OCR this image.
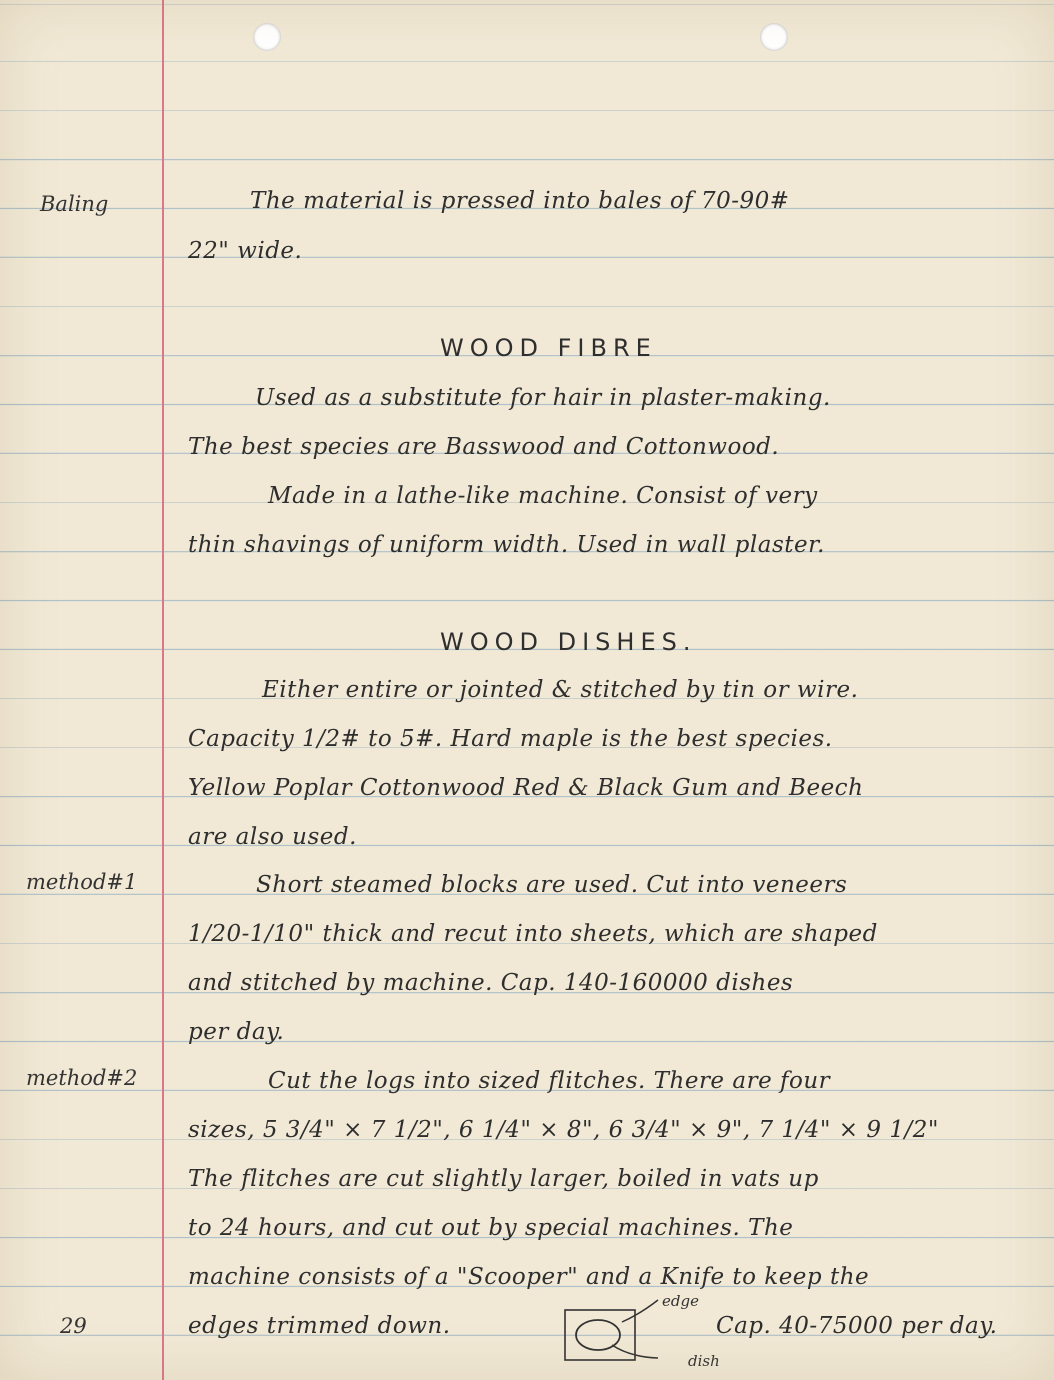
Baling
method#1
method#2
29
The material is pressed into bales of 70-90#
22" wide.
WOOD FIBRE
Used as a substitute for hair in plaster-making.
The best species are Basswood and Cottonwood.
Made in a lathe-like machine. Consist of very
thin shavings of uniform width. Used in wall plaster.
WOOD DISHES.
Either entire or jointed & stitched by tin or wire.
Capacity 1/2# to 5#. Hard maple is the best species.
Yellow Poplar Cottonwood Red & Black Gum and Beech
are also used.
Short steamed blocks are used. Cut into veneers
1/20-1/10" thick and recut into sheets, which are shaped
and stitched by machine. Cap. 140-160000 dishes
per day.
Cut the logs into sized flitches. There are four
sizes, 5 3/4" × 7 1/2", 6 1/4" × 8", 6 3/4" × 9", 7 1/4" × 9 1/2"
The flitches are cut slightly larger, boiled in vats up
to 24 hours, and cut out by special machines. The
machine consists of a "Scooper" and a Knife to keep the
edges trimmed down.	Cap. 40-75000 per day.
edge
dish
